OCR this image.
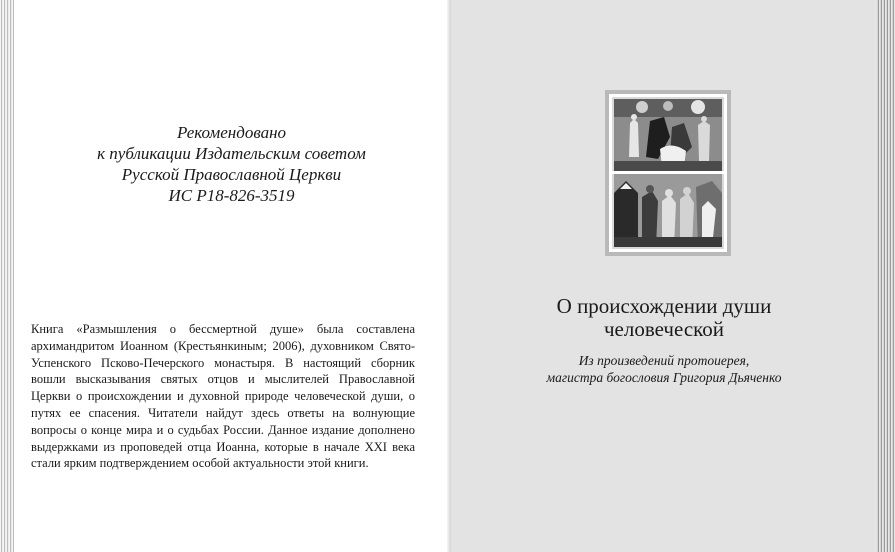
Рекомендовано
к публикации Издательским советом
Русской Православной Церкви
ИС Р18-826-3519
Книга «Размышления о бессмертной душе» была составлена архимандритом Иоанном (Крестьянкиным; 2006), духовником Свято-Успенского Псково-Печерского монастыря. В настоящий сборник вошли высказывания святых отцов и мыслителей Православной Церкви о происхождении и духовной природе человеческой души, о путях ее спасения. Читатели найдут здесь ответы на волнующие вопросы о конце мира и о судьбах России. Данное издание дополнено выдержками из проповедей отца Иоанна, которые в начале XXI века стали ярким подтверждением особой актуальности этой книги.
О происхождении души
человеческой
Из произведений протоиерея,
магистра богословия Григория Дьяченко
